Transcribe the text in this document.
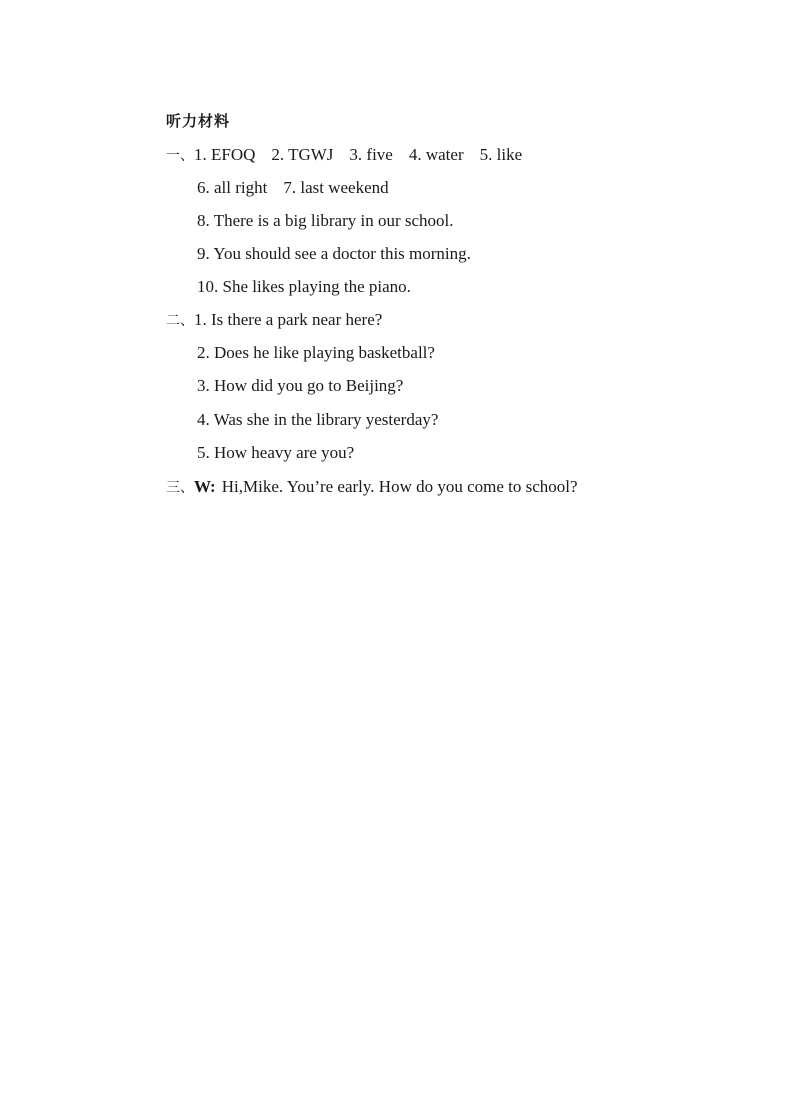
听力材料
一、1. EFOQ 2. TGWJ 3. five 4. water 5. like
6. all right 7. last weekend
8. There is a big library in our school.
9. You should see a doctor this morning.
10. She likes playing the piano.
二、1. Is there a park near here?
2. Does he like playing basketball?
3. How did you go to Beijing?
4. Was she in the library yesterday?
5. How heavy are you?
三、W: Hi,Mike. You’re early. How do you come to school?
